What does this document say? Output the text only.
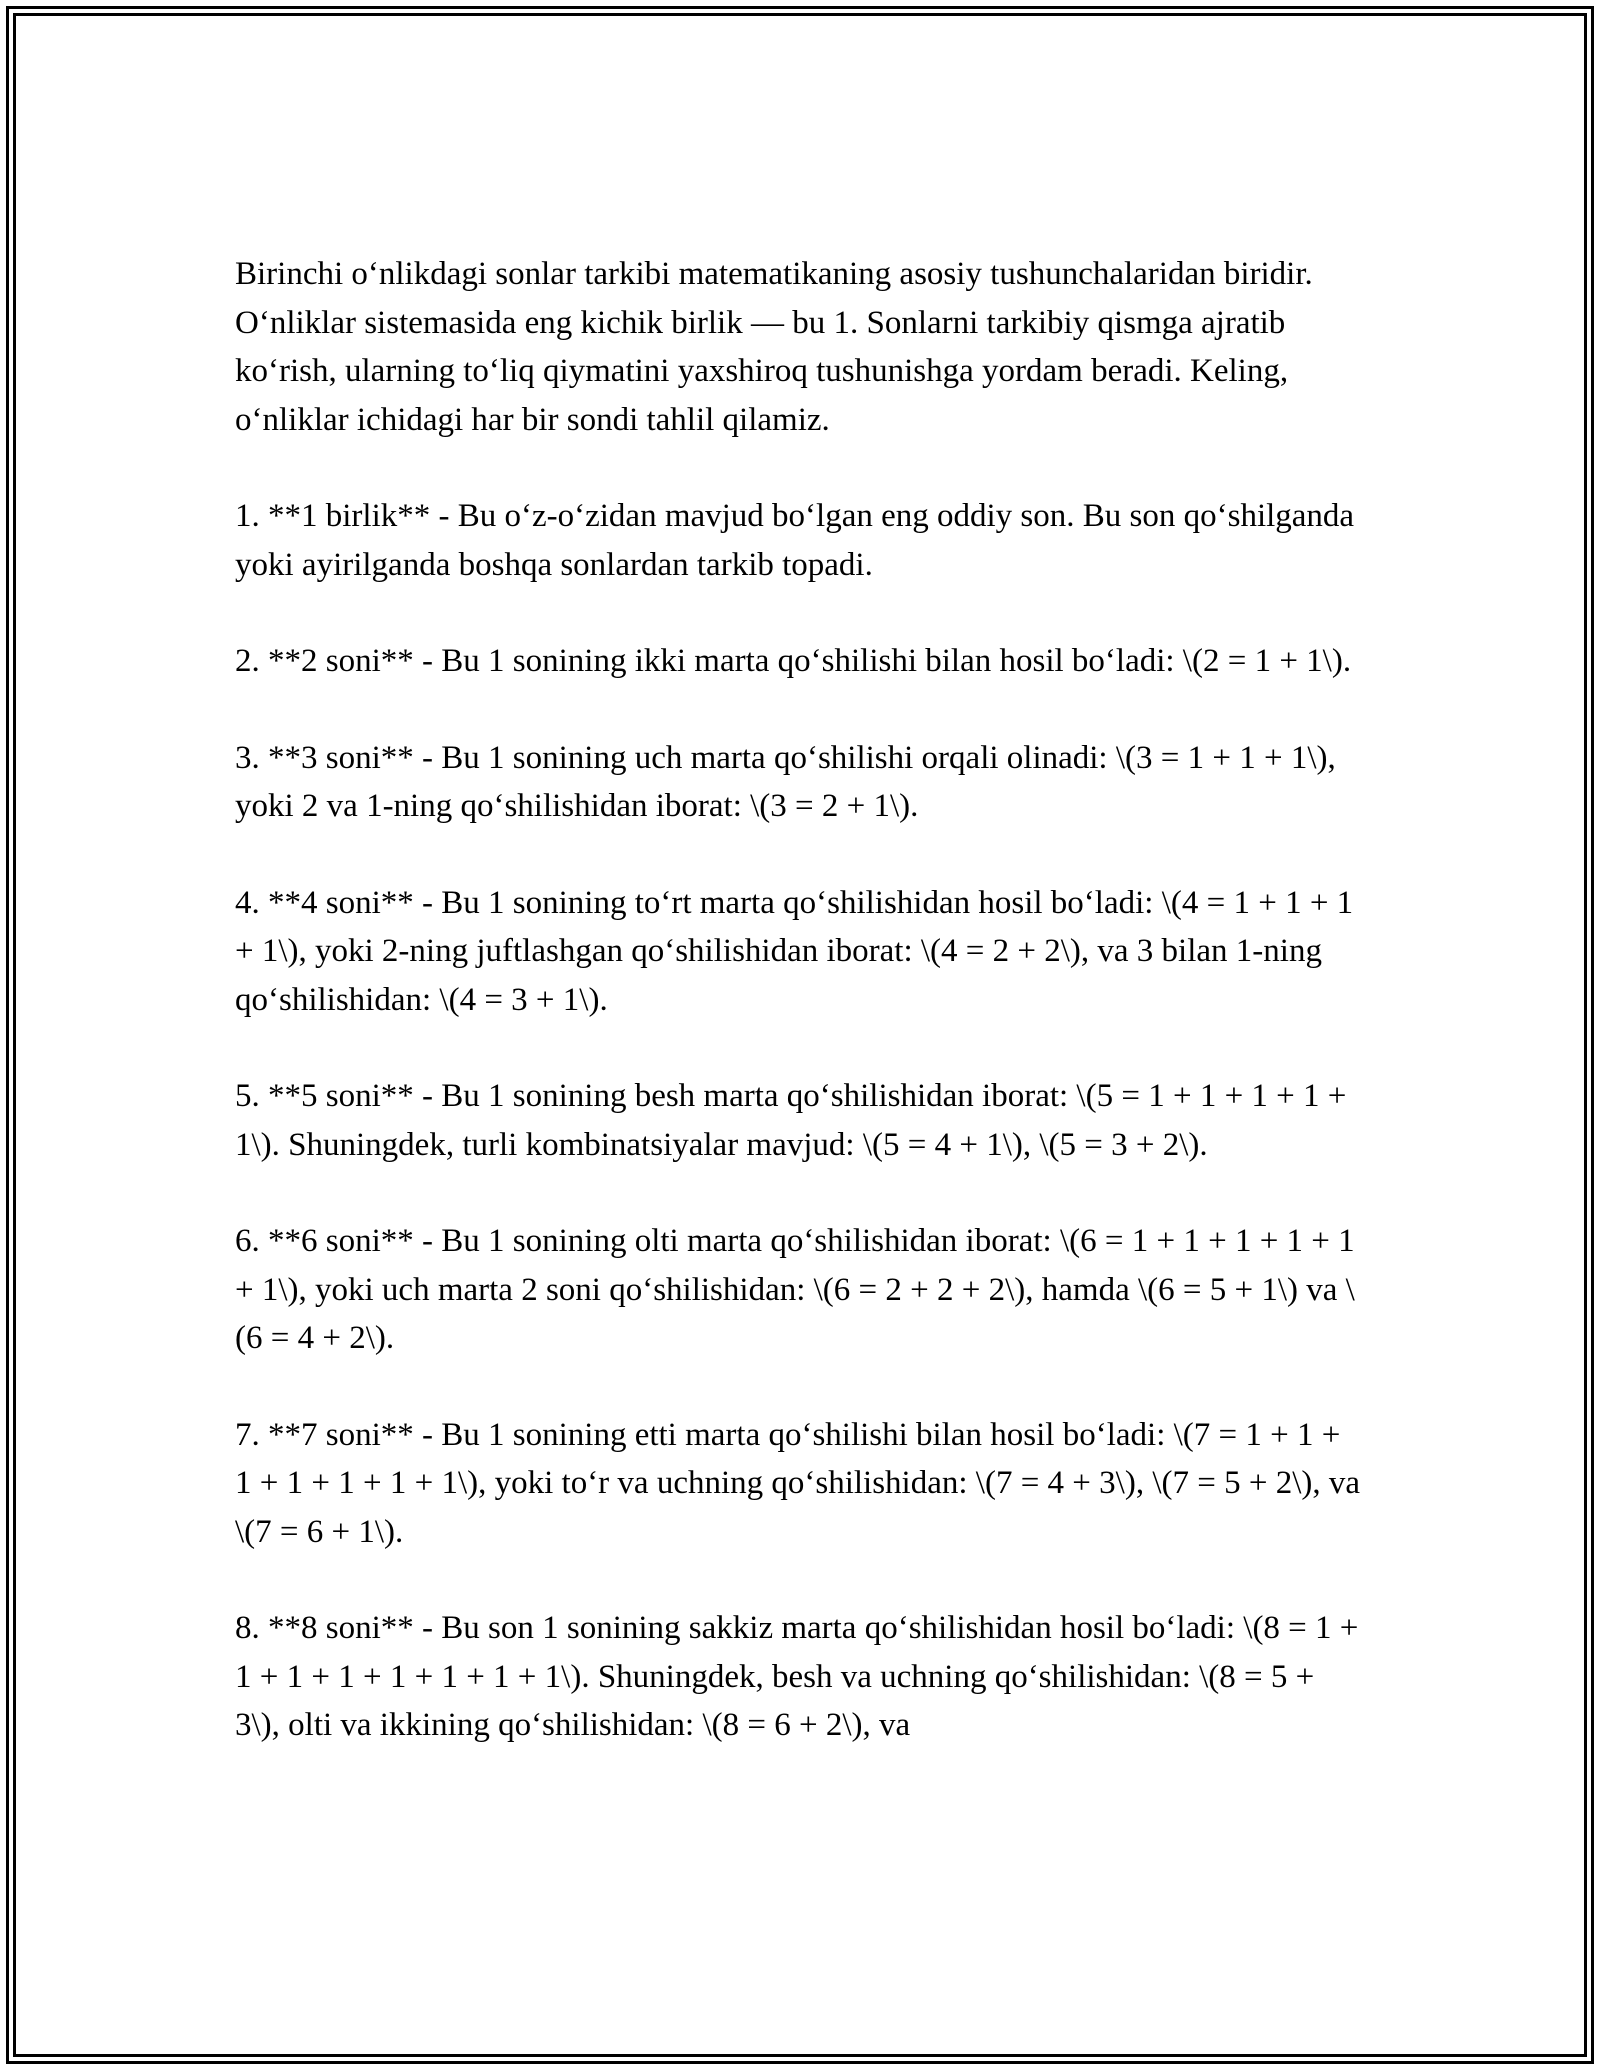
Birinchi o‘nlikdagi sonlar tarkibi matematikaning asosiy tushunchalaridan biridir. O‘nliklar sistemasida eng kichik birlik — bu 1. Sonlarni tarkibiy qismga ajratib ko‘rish, ularning to‘liq qiymatini yaxshiroq tushunishga yordam beradi. Keling, o‘nliklar ichidagi har bir sondi tahlil qilamiz.

1. **1 birlik** - Bu o‘z-o‘zidan mavjud bo‘lgan eng oddiy son. Bu son qo‘shilganda yoki ayirilganda boshqa sonlardan tarkib topadi.

2. **2 soni** - Bu 1 sonining ikki marta qo‘shilishi bilan hosil bo‘ladi: \(2 = 1 + 1\).

3. **3 soni** - Bu 1 sonining uch marta qo‘shilishi orqali olinadi: \(3 = 1 + 1 + 1\), yoki 2 va 1-ning qo‘shilishidan iborat: \(3 = 2 + 1\).

4. **4 soni** - Bu 1 sonining to‘rt marta qo‘shilishidan hosil bo‘ladi: \(4 = 1 + 1 + 1 + 1\), yoki 2-ning juftlashgan qo‘shilishidan iborat: \(4 = 2 + 2\), va 3 bilan 1-ning qo‘shilishidan: \(4 = 3 + 1\).

5. **5 soni** - Bu 1 sonining besh marta qo‘shilishidan iborat: \(5 = 1 + 1 + 1 + 1 + 1\). Shuningdek, turli kombinatsiyalar mavjud: \(5 = 4 + 1\), \(5 = 3 + 2\).

6. **6 soni** - Bu 1 sonining olti marta qo‘shilishidan iborat: \(6 = 1 + 1 + 1 + 1 + 1 + 1\), yoki uch marta 2 soni qo‘shilishidan: \(6 = 2 + 2 + 2\), hamda \(6 = 5 + 1\) va \(6 = 4 + 2\).

7. **7 soni** - Bu 1 sonining etti marta qo‘shilishi bilan hosil bo‘ladi: \(7 = 1 + 1 + 1 + 1 + 1 + 1 + 1\), yoki to‘r va uchning qo‘shilishidan: \(7 = 4 + 3\), \(7 = 5 + 2\), va \(7 = 6 + 1\).

8. **8 soni** - Bu son 1 sonining sakkiz marta qo‘shilishidan hosil bo‘ladi: \(8 = 1 + 1 + 1 + 1 + 1 + 1 + 1 + 1\). Shuningdek, besh va uchning qo‘shilishidan: \(8 = 5 + 3\), olti va ikkining qo‘shilishidan: \(8 = 6 + 2\), va
